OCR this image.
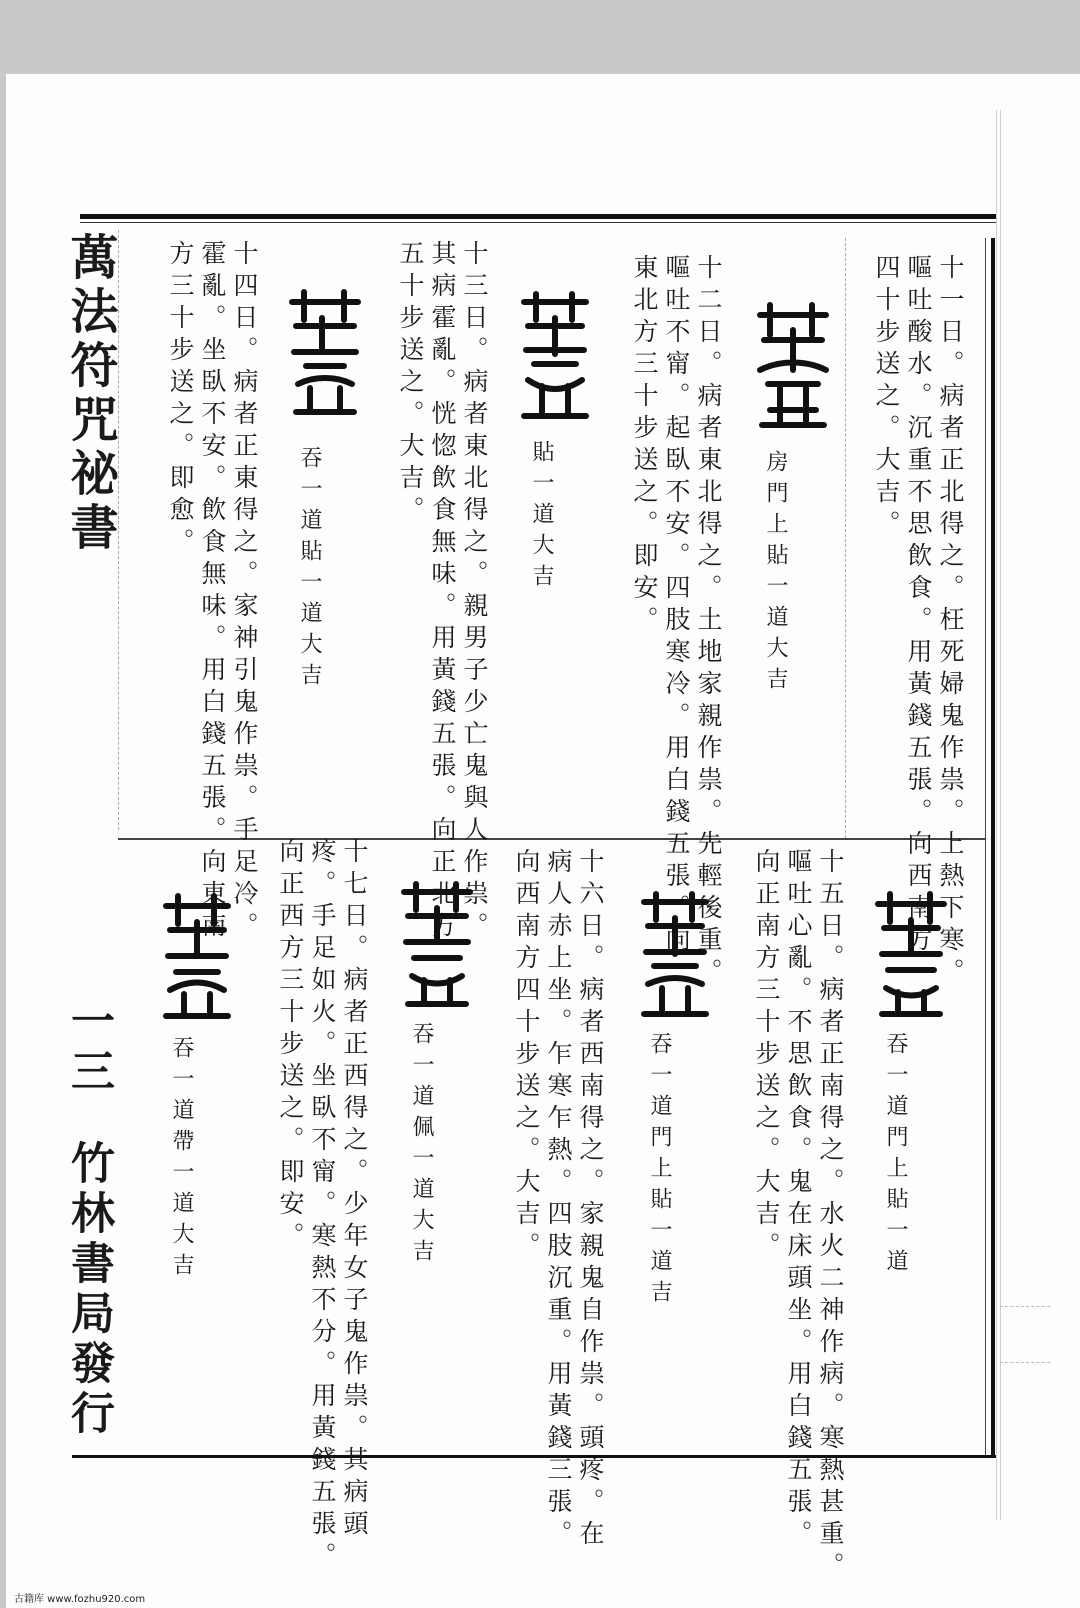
萬法符咒祕書
一三
竹林書局發行
十一日。病者正北得之。枉死婦鬼作祟。上熱下寒。
嘔吐酸水。沉重不思飲食。用黃錢五張。向西南方
四十步送之。大吉。
房門上貼一道大吉
十二日。病者東北得之。土地家親作祟。先輕後重。
嘔吐不甯。起臥不安。四肢寒冷。用白錢五張。向
東北方三十步送之。即安。
貼一道大吉
十三日。病者東北得之。親男子少亡鬼與人作祟。
其病霍亂。恍惚飲食無味。用黃錢五張。向正北方
五十步送之。大吉。
吞一道貼一道大吉
十四日。病者正東得之。家神引鬼作祟。手足冷。
霍亂。坐臥不安。飲食無味。用白錢五張。向東南
方三十步送之。即愈。
吞一道門上貼一道
十五日。病者正南得之。水火二神作病。寒熱甚重。
嘔吐心亂。不思飲食。鬼在床頭坐。用白錢五張。
向正南方三十步送之。大吉。
吞一道門上貼一道吉
十六日。病者西南得之。家親鬼自作祟。頭疼。在
病人赤上坐。乍寒乍熱。四肢沉重。用黃錢三張。
向西南方四十步送之。大吉。
吞一道佩一道大吉
十七日。病者正西得之。少年女子鬼作祟。其病頭
疼。手足如火。坐臥不甯。寒熱不分。用黃錢五張。
向正西方三十步送之。即安。
吞一道帶一道大吉
古籍库 www.fozhu920.com
